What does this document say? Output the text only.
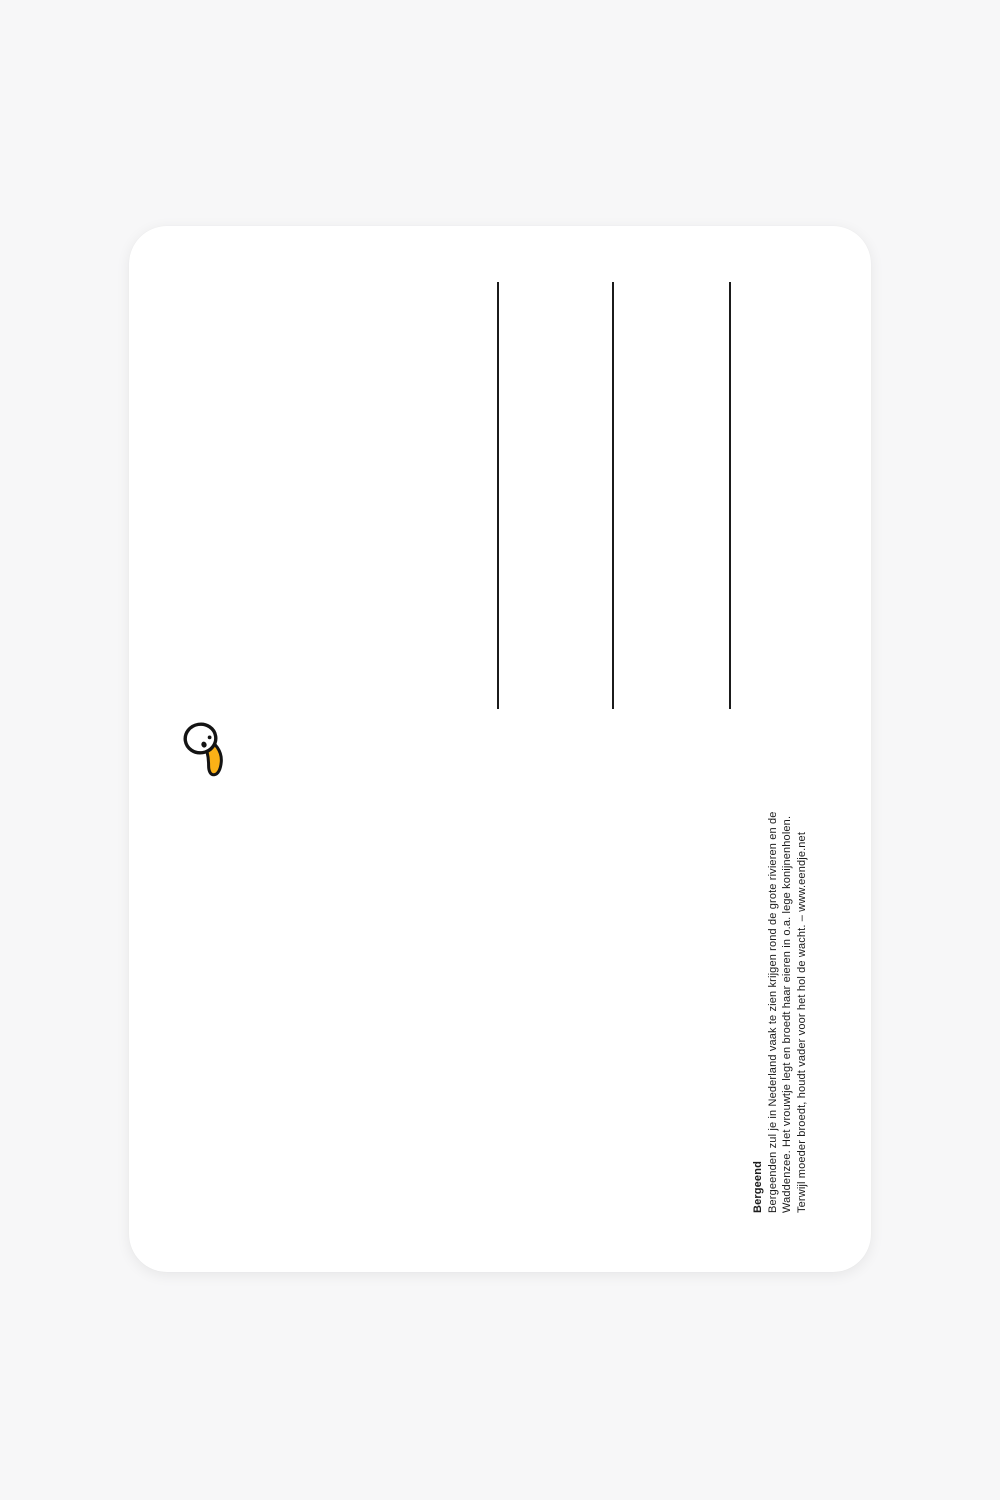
Bergeend Bergeenden zul je in Nederland vaak te zien krijgen rond de grote rivieren en de Waddenzee. Het vrouwtje legt en broedt haar eieren in o.a. lege konijnenholen. Terwijl moeder broedt, houdt vader voor het hol de wacht. – www.eendje.net
